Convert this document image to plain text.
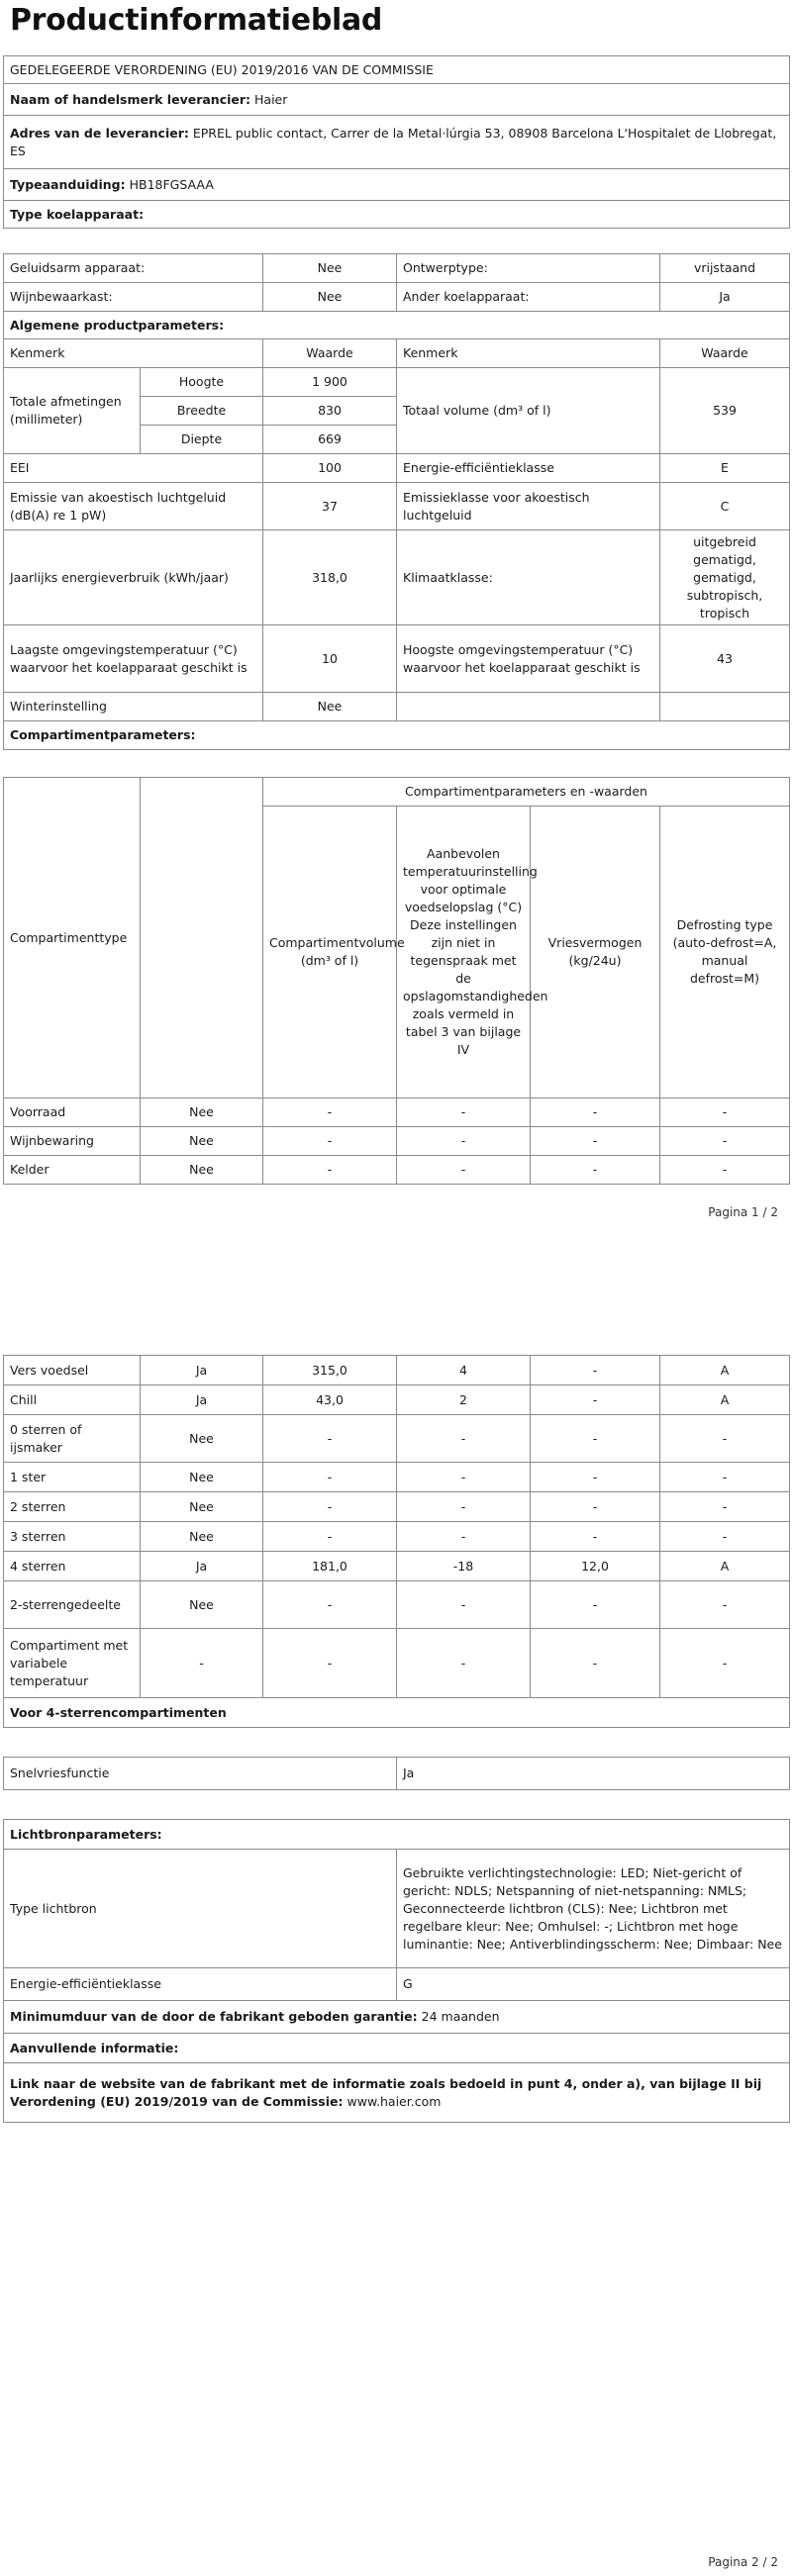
Productinformatieblad
GEDELEGEERDE VERORDENING (EU) 2019/2016 VAN DE COMMISSIE
Naam of handelsmerk leverancier: Haier
Adres van de leverancier: EPREL public contact, Carrer de la Metal·lúrgia 53, 08908 Barcelona L'Hospitalet de Llobregat, ES
Typeaanduiding: HB18FGSAAA
Type koelapparaat:
Geluidsarm apparaat:	Nee	Ontwerptype:	vrijstaand
Wijnbewaarkast:	Nee	Ander koelapparaat:	Ja
Algemene productparameters:			
Kenmerk		Waarde	Kenmerk	Waarde
Totale afmetingen (millimeter)	Hoogte	1 900	Totaal volume (dm³ of l)	539
	Breedte	830		
	Diepte	669		
EEI		100	Energie-efficiëntieklasse	E
Emissie van akoestisch luchtgeluid (dB(A) re 1 pW)		37	Emissieklasse voor akoestisch luchtgeluid	C
Jaarlijks energieverbruik (kWh/jaar)		318,0	Klimaatklasse:	uitgebreid gematigd, gematigd, subtropisch, tropisch
Laagste omgevingstemperatuur (°C) waarvoor het koelapparaat geschikt is		10	Hoogste omgevingstemperatuur (°C) waarvoor het koelapparaat geschikt is	43
Winterinstelling		Nee		
Compartimentparameters:				
Compartimenttype		Compartimentparameters en -waarden			
		Compartimentvolume (dm³ of l)	Aanbevolen temperatuurinstelling voor optimale voedselopslag (°C) Deze instellingen zijn niet in tegenspraak met de opslagomstandigheden zoals vermeld in tabel 3 van bijlage IV	Vriesvermogen (kg/24u)	Defrosting type (auto-defrost=A, manual defrost=M)
Voorraad	Nee	-	-	-	-
Wijnbewaring	Nee	-	-	-	-
Kelder	Nee	-	-	-	-
Pagina 1 / 2
Vers voedsel	Ja	315,0	4	-	A
Chill	Ja	43,0	2	-	A
0 sterren of ijsmaker	Nee	-	-	-	-
1 ster	Nee	-	-	-	-
2 sterren	Nee	-	-	-	-
3 sterren	Nee	-	-	-	-
4 sterren	Ja	181,0	-18	12,0	A
2-sterrengedeelte	Nee	-	-	-	-
Compartiment met variabele temperatuur	-	-	-	-	-
Voor 4-sterrencompartimenten	

Snelvriesfunctie	Ja

Lichtbronparameters:	
Type lichtbron	Gebruikte verlichtingstechnologie: LED; Niet-gericht of gericht: NDLS; Netspanning of niet-netspanning: NMLS; Geconnecteerde lichtbron (CLS): Nee; Lichtbron met regelbare kleur: Nee; Omhulsel: -; Lichtbron met hoge luminantie: Nee; Antiverblindingsscherm: Nee; Dimbaar: Nee
Energie-efficiëntieklasse	G
Minimumduur van de door de fabrikant geboden garantie: 24 maanden	
Aanvullende informatie:	
Link naar de website van de fabrikant met de informatie zoals bedoeld in punt 4, onder a), van bijlage II bij Verordening (EU) 2019/2019 van de Commissie: www.haier.com	
Pagina 2 / 2
